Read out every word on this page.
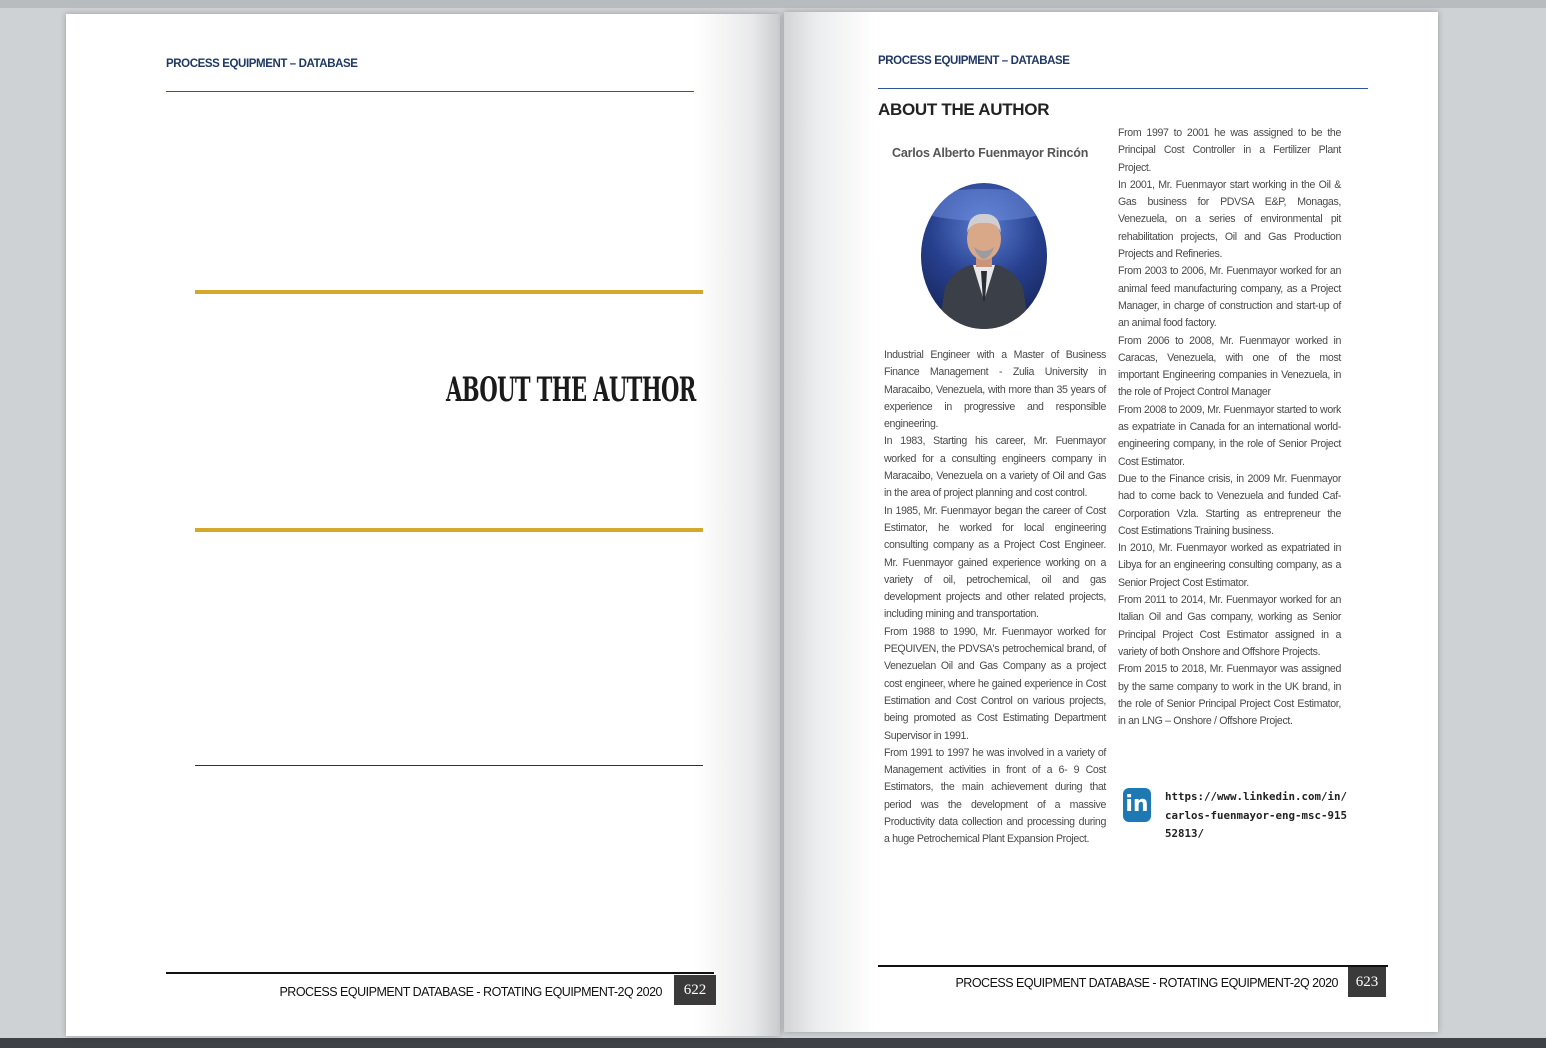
PROCESS EQUIPMENT – DATABASE
ABOUT THE AUTHOR
PROCESS EQUIPMENT DATABASE - ROTATING EQUIPMENT-2Q 2020	622
PROCESS EQUIPMENT – DATABASE
ABOUT THE AUTHOR
Carlos Alberto Fuenmayor Rincón

Industrial Engineer with a Master of Business Finance Management - Zulia University in Maracaibo, Venezuela, with more than 35 years of experience in progressive and responsible engineering.

In 1983, Starting his career, Mr. Fuenmayor worked for a consulting engineers company in Maracaibo, Venezuela on a variety of Oil and Gas in the area of project planning and cost control.

In 1985, Mr. Fuenmayor began the career of Cost Estimator, he worked for local engineering consulting company as a Project Cost Engineer. Mr. Fuenmayor gained experience working on a variety of oil, petrochemical, oil and gas development projects and other related projects, including mining and transportation.

From 1988 to 1990, Mr. Fuenmayor worked for PEQUIVEN, the PDVSA's petrochemical brand, of Venezuelan Oil and Gas Company as a project cost engineer, where he gained experience in Cost Estimation and Cost Control on various projects, being promoted as Cost Estimating Department Supervisor in 1991.

From 1991 to 1997 he was involved in a variety of Management activities in front of a 6- 9 Cost Estimators, the main achievement during that period was the development of a massive Productivity data collection and processing during a huge Petrochemical Plant Expansion Project.

From 1997 to 2001 he was assigned to be the Principal Cost Controller in a Fertilizer Plant Project.

In 2001, Mr. Fuenmayor start working in the Oil & Gas business for PDVSA E&P, Monagas, Venezuela, on a series of environmental pit rehabilitation projects, Oil and Gas Production Projects and Refineries.

From 2003 to 2006, Mr. Fuenmayor worked for an animal feed manufacturing company, as a Project Manager, in charge of construction and start-up of an animal food factory.

From 2006 to 2008, Mr. Fuenmayor worked in Caracas, Venezuela, with one of the most important Engineering companies in Venezuela, in the role of Project Control Manager

From 2008 to 2009, Mr. Fuenmayor started to work as expatriate in Canada for an international world-engineering company, in the role of Senior Project Cost Estimator.

Due to the Finance crisis, in 2009 Mr. Fuenmayor had to come back to Venezuela and funded Caf-Corporation Vzla. Starting as entrepreneur the Cost Estimations Training business.

In 2010, Mr. Fuenmayor worked as expatriated in Libya for an engineering consulting company, as a Senior Project Cost Estimator.

From 2011 to 2014, Mr. Fuenmayor worked for an Italian Oil and Gas company, working as Senior Principal Project Cost Estimator assigned in a variety of both Onshore and Offshore Projects.

From 2015 to 2018, Mr. Fuenmayor was assigned by the same company to work in the UK brand, in the role of Senior Principal Project Cost Estimator, in an LNG – Onshore / Offshore Project.

in https://www.linkedin.com/in/carlos-fuenmayor-eng-msc-91552813/
PROCESS EQUIPMENT DATABASE - ROTATING EQUIPMENT-2Q 2020	623
